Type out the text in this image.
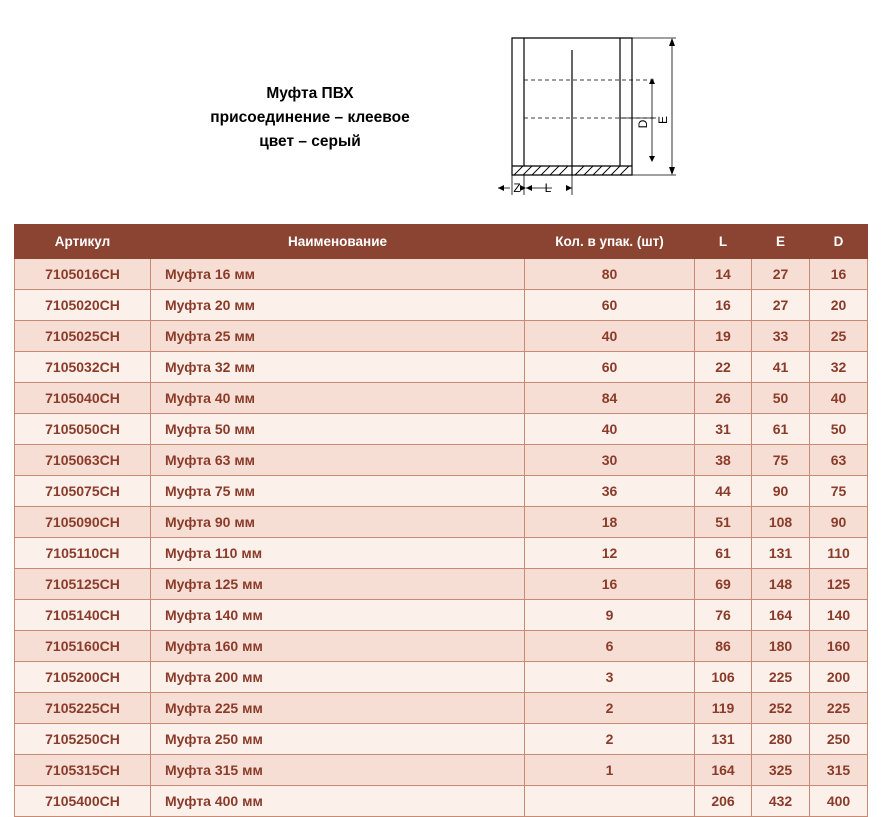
Муфта ПВХ
присоединение – клеевое
цвет – серый
D E
Z L
Артикул	Наименование	Кол. в упак. (шт)	L	E	D
7105016CH	Муфта 16 мм	80	14	27	16
7105020CH	Муфта 20 мм	60	16	27	20
7105025CH	Муфта 25 мм	40	19	33	25
7105032CH	Муфта 32 мм	60	22	41	32
7105040CH	Муфта 40 мм	84	26	50	40
7105050CH	Муфта 50 мм	40	31	61	50
7105063CH	Муфта 63 мм	30	38	75	63
7105075CH	Муфта 75 мм	36	44	90	75
7105090CH	Муфта 90 мм	18	51	108	90
7105110CH	Муфта 110 мм	12	61	131	110
7105125CH	Муфта 125 мм	16	69	148	125
7105140CH	Муфта 140 мм	9	76	164	140
7105160CH	Муфта 160 мм	6	86	180	160
7105200CH	Муфта 200 мм	3	106	225	200
7105225CH	Муфта 225 мм	2	119	252	225
7105250CH	Муфта 250 мм	2	131	280	250
7105315CH	Муфта 315 мм	1	164	325	315
7105400CH	Муфта 400 мм		206	432	400
